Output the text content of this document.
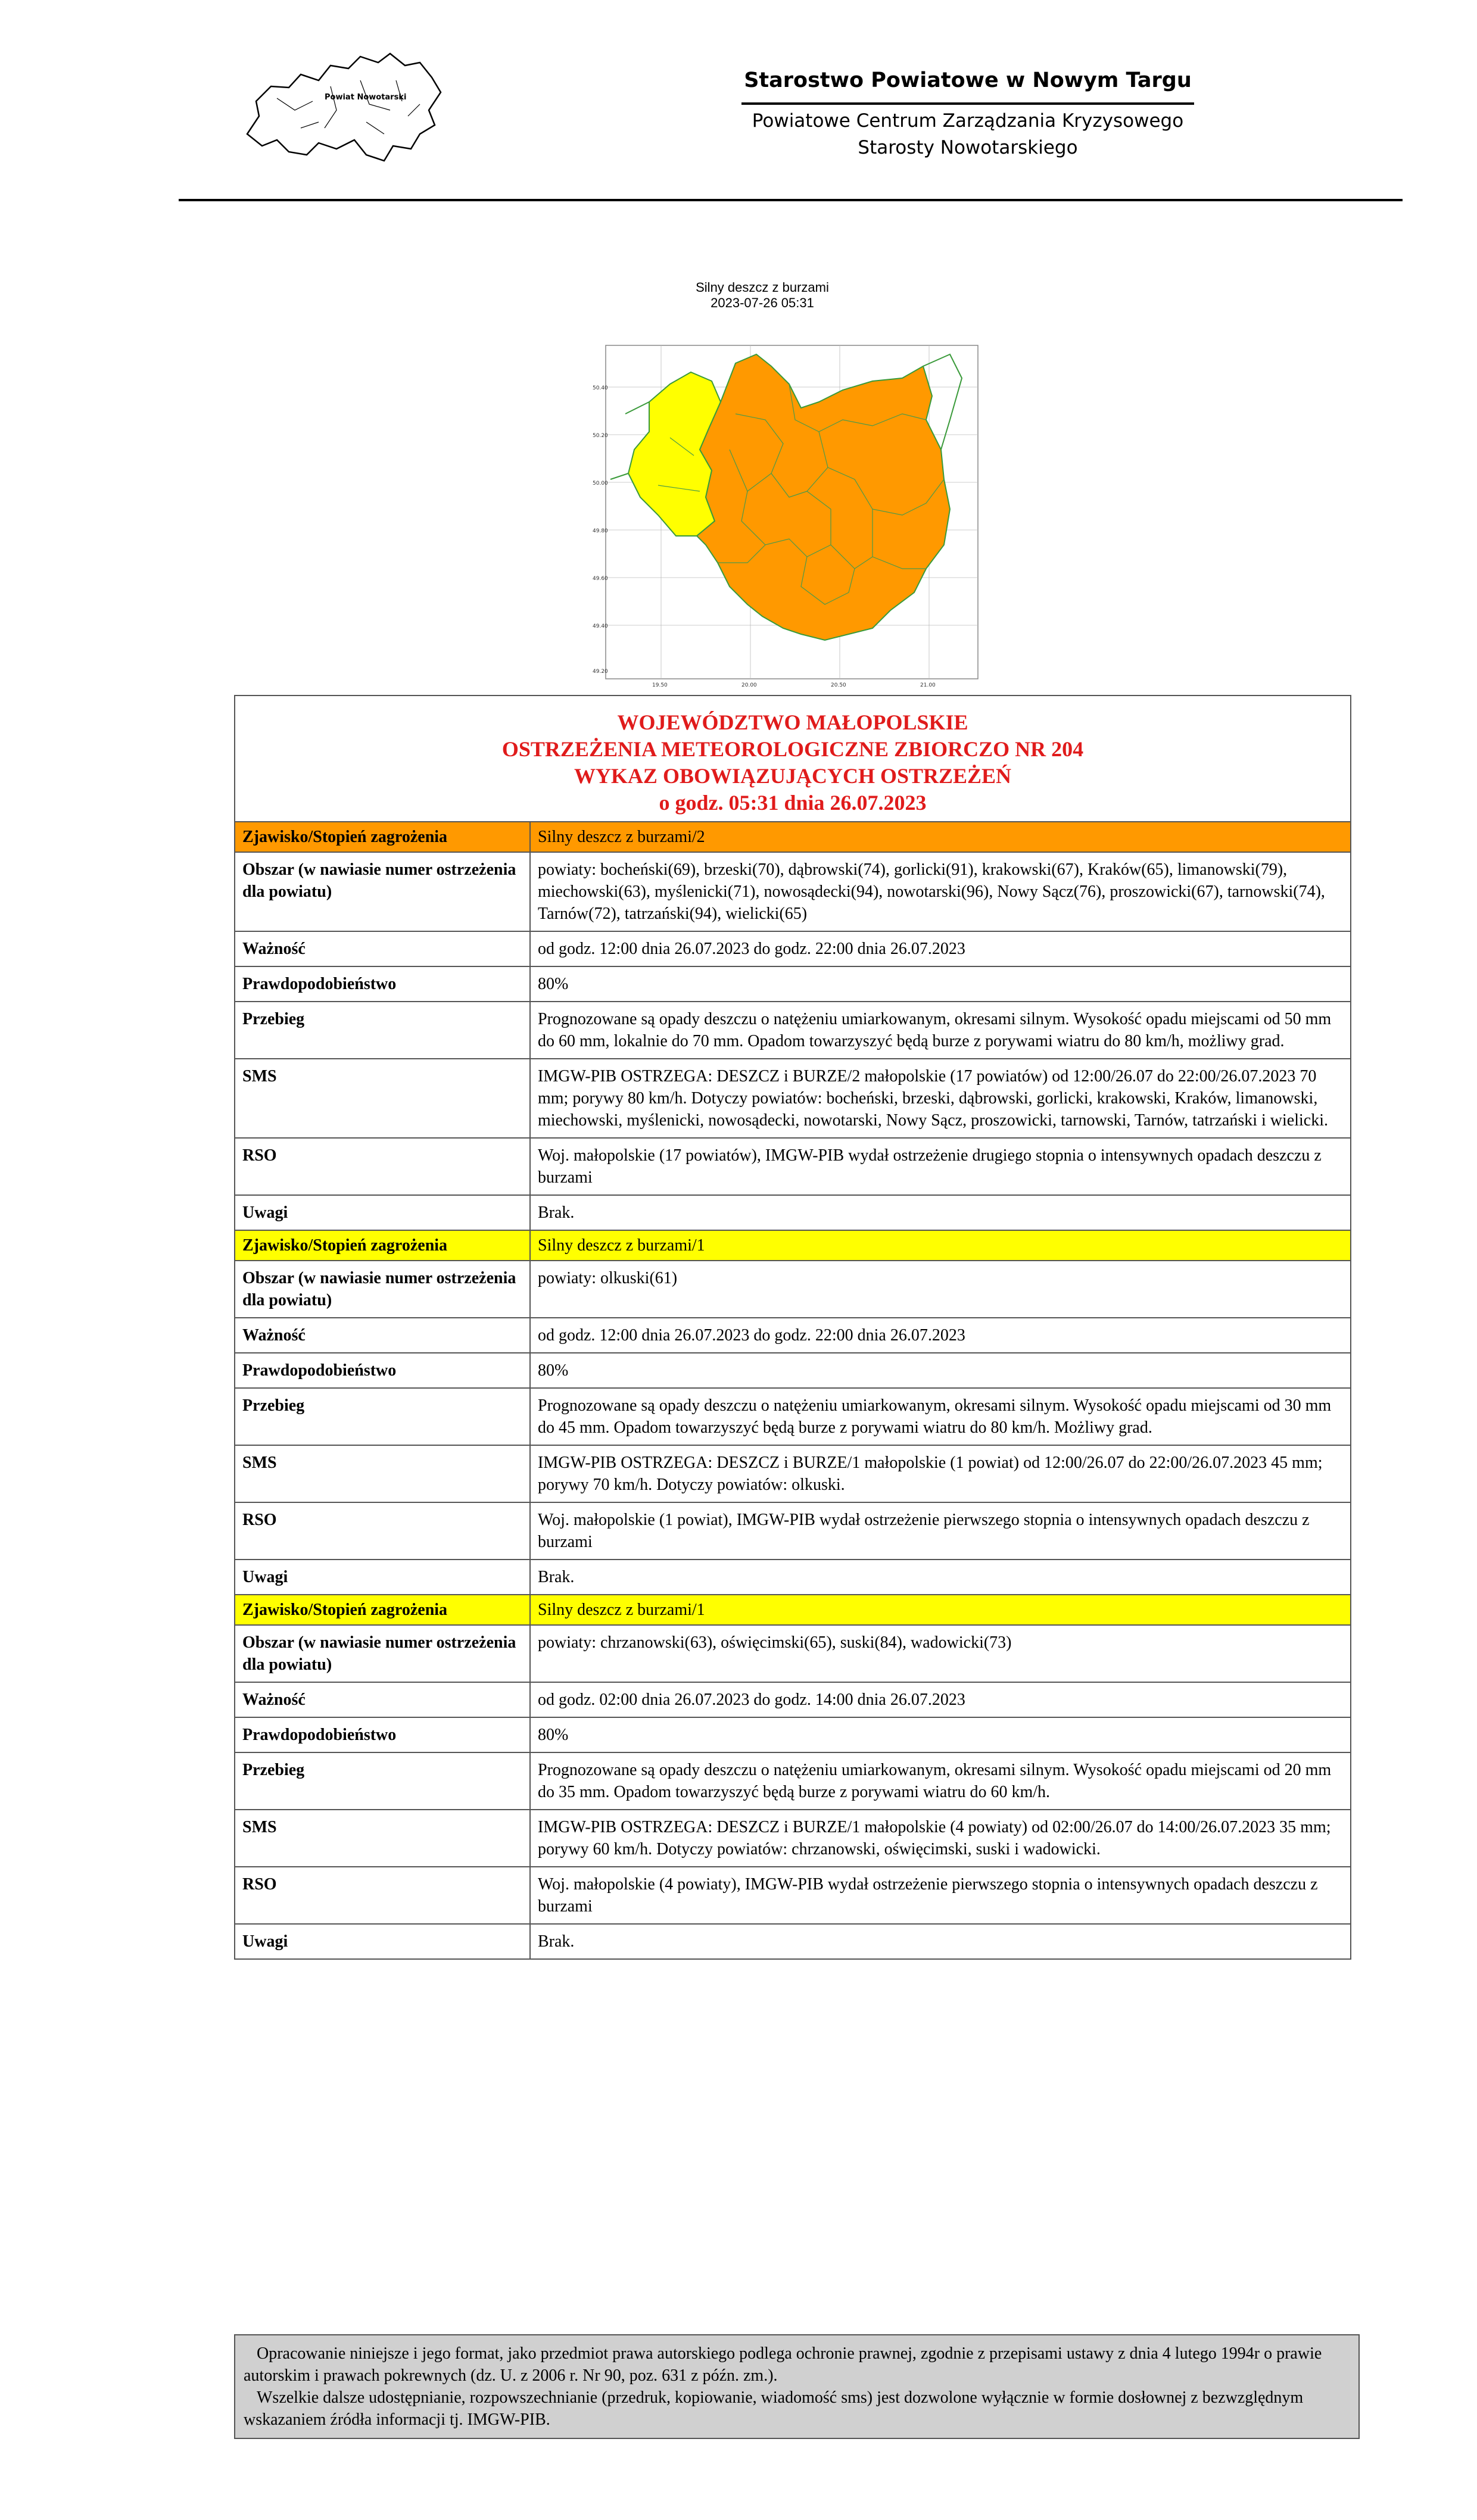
Powiat Nowotarski
Starostwo Powiatowe w Nowym Targu
Powiatowe Centrum Zarządzania Kryzysowego
Starosty Nowotarskiego
Silny deszcz z burzami
2023-07-26 05:31
50.40
50.20
50.00
49.80
49.60
49.40
49.20
19.50	20.00	20.50	21.00
WOJEWÓDZTWO MAŁOPOLSKIE
OSTRZEŻENIA METEOROLOGICZNE ZBIORCZO NR 204
WYKAZ OBOWIĄZUJĄCYCH OSTRZEŻEŃ
o godz. 05:31 dnia 26.07.2023	

Zjawisko/Stopień zagrożenia	Silny deszcz z burzami/2
Obszar (w nawiasie numer ostrzeżenia dla powiatu)	powiaty: bocheński(69), brzeski(70), dąbrowski(74), gorlicki(91), krakowski(67), Kraków(65), limanowski(79), miechowski(63), myślenicki(71), nowosądecki(94), nowotarski(96), Nowy Sącz(76), proszowicki(67), tarnowski(74), Tarnów(72), tatrzański(94), wielicki(65)
Ważność	od godz. 12:00 dnia 26.07.2023 do godz. 22:00 dnia 26.07.2023
Prawdopodobieństwo	80%
Przebieg	Prognozowane są opady deszczu o natężeniu umiarkowanym, okresami silnym. Wysokość opadu miejscami od 50 mm do 60 mm, lokalnie do 70 mm. Opadom towarzyszyć będą burze z porywami wiatru do 80 km/h, możliwy grad.
SMS	IMGW-PIB OSTRZEGA: DESZCZ i BURZE/2 małopolskie (17 powiatów) od 12:00/26.07 do 22:00/26.07.2023 70 mm; porywy 80 km/h. Dotyczy powiatów: bocheński, brzeski, dąbrowski, gorlicki, krakowski, Kraków, limanowski, miechowski, myślenicki, nowosądecki, nowotarski, Nowy Sącz, proszowicki, tarnowski, Tarnów, tatrzański i wielicki.
RSO	Woj. małopolskie (17 powiatów), IMGW-PIB wydał ostrzeżenie drugiego stopnia o intensywnych opadach deszczu z burzami
Uwagi	Brak.
Zjawisko/Stopień zagrożenia	Silny deszcz z burzami/1
Obszar (w nawiasie numer ostrzeżenia dla powiatu)	powiaty: olkuski(61)
Ważność	od godz. 12:00 dnia 26.07.2023 do godz. 22:00 dnia 26.07.2023
Prawdopodobieństwo	80%
Przebieg	Prognozowane są opady deszczu o natężeniu umiarkowanym, okresami silnym. Wysokość opadu miejscami od 30 mm do 45 mm. Opadom towarzyszyć będą burze z porywami wiatru do 80 km/h. Możliwy grad.
SMS	IMGW-PIB OSTRZEGA: DESZCZ i BURZE/1 małopolskie (1 powiat) od 12:00/26.07 do 22:00/26.07.2023 45 mm; porywy 70 km/h. Dotyczy powiatów: olkuski.
RSO	Woj. małopolskie (1 powiat), IMGW-PIB wydał ostrzeżenie pierwszego stopnia o intensywnych opadach deszczu z burzami
Uwagi	Brak.
Zjawisko/Stopień zagrożenia	Silny deszcz z burzami/1
Obszar (w nawiasie numer ostrzeżenia dla powiatu)	powiaty: chrzanowski(63), oświęcimski(65), suski(84), wadowicki(73)
Ważność	od godz. 02:00 dnia 26.07.2023 do godz. 14:00 dnia 26.07.2023
Prawdopodobieństwo	80%
Przebieg	Prognozowane są opady deszczu o natężeniu umiarkowanym, okresami silnym. Wysokość opadu miejscami od 20 mm do 35 mm. Opadom towarzyszyć będą burze z porywami wiatru do 60 km/h.
SMS	IMGW-PIB OSTRZEGA: DESZCZ i BURZE/1 małopolskie (4 powiaty) od 02:00/26.07 do 14:00/26.07.2023 35 mm; porywy 60 km/h. Dotyczy powiatów: chrzanowski, oświęcimski, suski i wadowicki.
RSO	Woj. małopolskie (4 powiaty), IMGW-PIB wydał ostrzeżenie pierwszego stopnia o intensywnych opadach deszczu z burzami
Uwagi	Brak.

Opracowanie niniejsze i jego format, jako przedmiot prawa autorskiego podlega ochronie prawnej, zgodnie z przepisami ustawy z dnia 4 lutego 1994r o prawie autorskim i prawach pokrewnych (dz. U. z 2006 r. Nr 90, poz. 631 z późn. zm.).

Wszelkie dalsze udostępnianie, rozpowszechnianie (przedruk, kopiowanie, wiadomość sms) jest dozwolone wyłącznie w formie dosłownej z bezwzględnym wskazaniem źródła informacji tj. IMGW-PIB.
